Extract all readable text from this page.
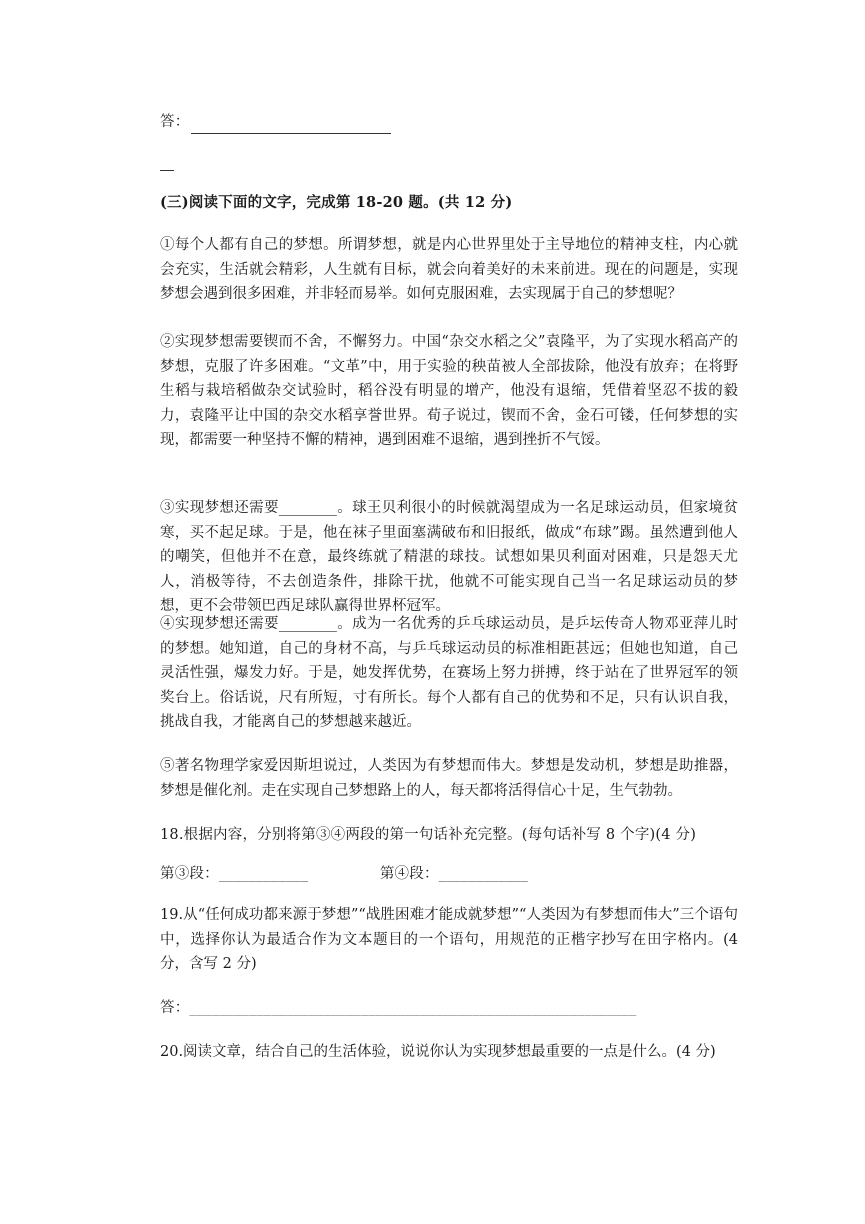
答：
(三)阅读下面的文字，完成第 18-20 题。(共 12 分)

①每个人都有自己的梦想。所谓梦想，就是内心世界里处于主导地位的精神支柱，内心就会充实，生活就会精彩，人生就有目标，就会向着美好的未来前进。现在的问题是，实现梦想会遇到很多困难，并非轻而易举。如何克服困难，去实现属于自己的梦想呢？

②实现梦想需要锲而不舍，不懈努力。中国“杂交水稻之父”袁隆平，为了实现水稻高产的梦想，克服了许多困难。“文革”中，用于实验的秧苗被人全部拔除，他没有放弃；在将野生稻与栽培稻做杂交试验时，稻谷没有明显的增产，他没有退缩，凭借着坚忍不拔的毅力，袁隆平让中国的杂交水稻享誉世界。荀子说过，锲而不舍，金石可镂，任何梦想的实现，都需要一种坚持不懈的精神，遇到困难不退缩，遇到挫折不气馁。

③实现梦想还需要________。球王贝利很小的时候就渴望成为一名足球运动员，但家境贫寒，买不起足球。于是，他在袜子里面塞满破布和旧报纸，做成“布球”踢。虽然遭到他人的嘲笑，但他并不在意，最终练就了精湛的球技。试想如果贝利面对困难，只是怨天尤人，消极等待，不去创造条件，排除干扰，他就不可能实现自己当一名足球运动员的梦想，更不会带领巴西足球队赢得世界杯冠军。

④实现梦想还需要________。成为一名优秀的乒乓球运动员，是乒坛传奇人物邓亚萍儿时的梦想。她知道，自己的身材不高，与乒乓球运动员的标准相距甚远；但她也知道，自己灵活性强，爆发力好。于是，她发挥优势，在赛场上努力拼搏，终于站在了世界冠军的领奖台上。俗话说，尺有所短，寸有所长。每个人都有自己的优势和不足，只有认识自我，挑战自我，才能离自己的梦想越来越近。

⑤著名物理学家爱因斯坦说过，人类因为有梦想而伟大。梦想是发动机，梦想是助推器，梦想是催化剂。走在实现自己梦想路上的人，每天都将活得信心十足，生气勃勃。

18.根据内容，分别将第③④两段的第一句话补充完整。(每句话补写 8 个字)(4 分)
第③段：____________	第④段：____________

19.从“任何成功都来源于梦想”“战胜困难才能成就梦想”“人类因为有梦想而伟大”三个语句中，选择你认为最适合作为文本题目的一个语句，用规范的正楷字抄写在田字格内。(4 分，含写 2 分)

答：____________________________________________________________

20.阅读文章，结合自己的生活体验，说说你认为实现梦想最重要的一点是什么。(4 分)
